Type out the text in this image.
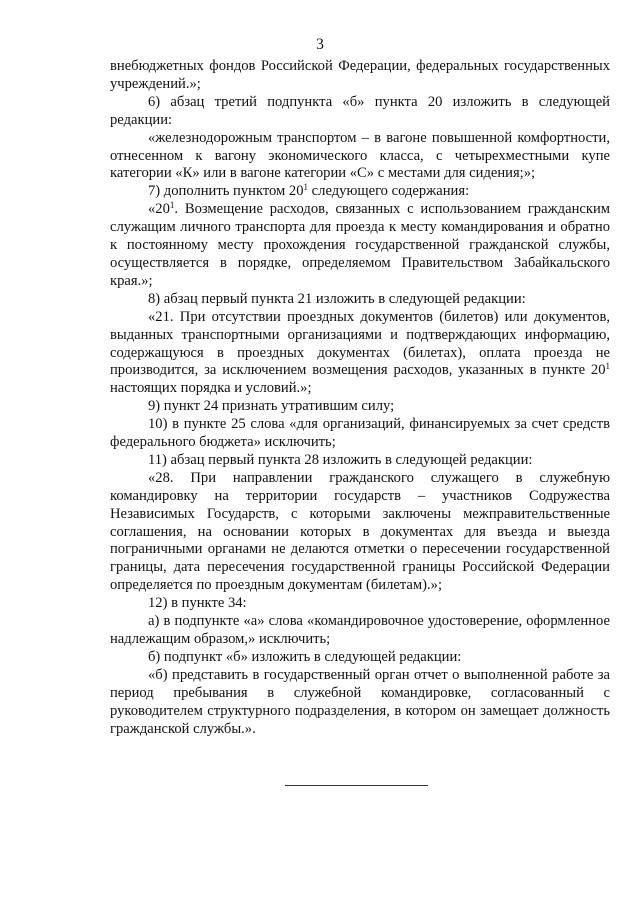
3

внебюджетных фондов Российской Федерации, федеральных государственных учреждений.»;

6) абзац третий подпункта «б» пункта 20 изложить в следующей редакции:

«железнодорожным транспортом – в вагоне повышенной комфортности, отнесенном к вагону экономического класса, с четырехместными купе категории «К» или в вагоне категории «С» с местами для сидения;»;

7) дополнить пунктом $20^1$ следующего содержания:

«$20^1$. Возмещение расходов, связанных с использованием гражданским служащим личного транспорта для проезда к месту командирования и обратно к постоянному месту прохождения государственной гражданской службы, осуществляется в порядке, определяемом Правительством Забайкальского края.»;

8) абзац первый пункта 21 изложить в следующей редакции:

«21. При отсутствии проездных документов (билетов) или документов, выданных транспортными организациями и подтверждающих информацию, содержащуюся в проездных документах (билетах), оплата проезда не производится, за исключением возмещения расходов, указанных в пункте $20^1$ настоящих порядка и условий.»;

9) пункт 24 признать утратившим силу;

10) в пункте 25 слова «для организаций, финансируемых за счет средств федерального бюджета» исключить;

11) абзац первый пункта 28 изложить в следующей редакции:

«28. При направлении гражданского служащего в служебную командировку на территории государств – участников Содружества Независимых Государств, с которыми заключены межправительственные соглашения, на основании которых в документах для въезда и выезда пограничными органами не делаются отметки о пересечении государственной границы, дата пересечения государственной границы Российской Федерации определяется по проездным документам (билетам).»;

12) в пункте 34:

а) в подпункте «а» слова «командировочное удостоверение, оформленное надлежащим образом,» исключить;

б) подпункт «б» изложить в следующей редакции:

«б) представить в государственный орган отчет о выполненной работе за период пребывания в служебной командировке, согласованный с руководителем структурного подразделения, в котором он замещает должность гражданской службы.».
